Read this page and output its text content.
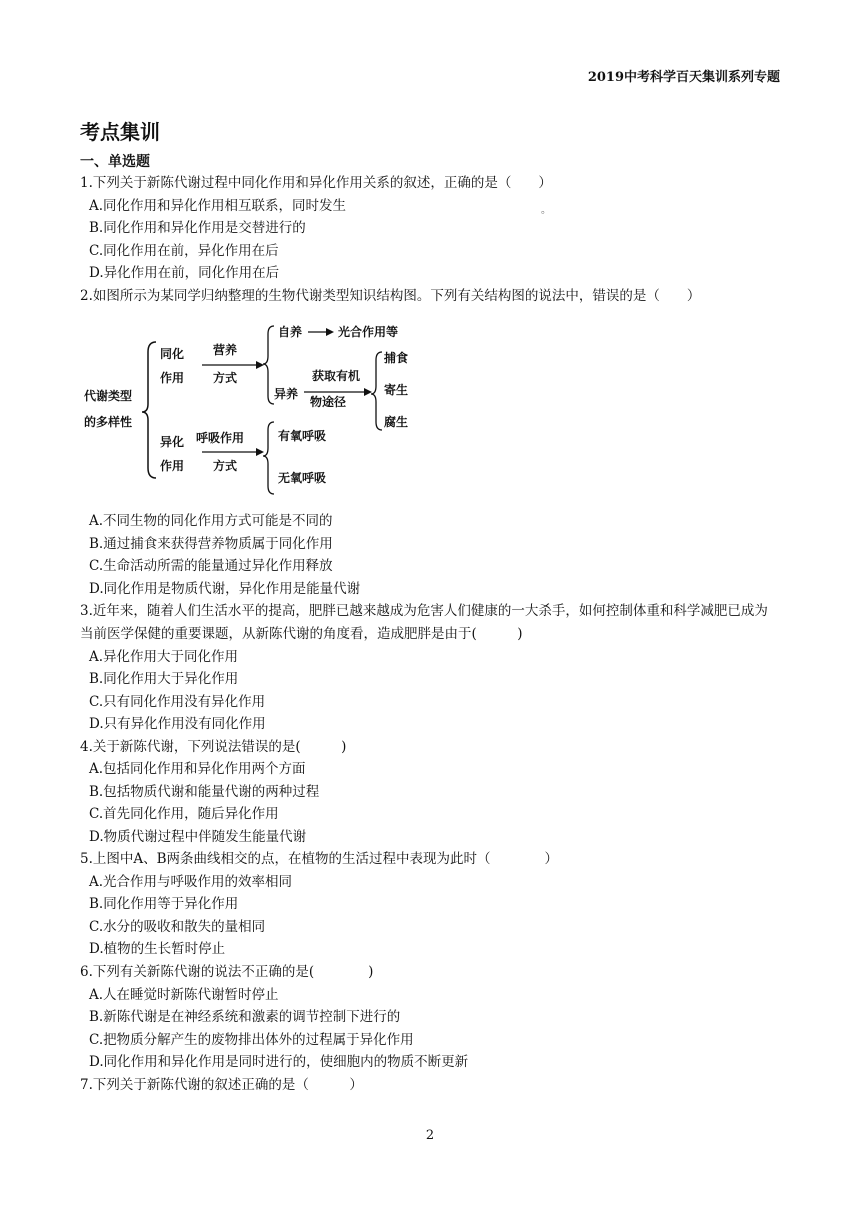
2019中考科学百天集训系列专题
考点集训
一、单选题
1.下列关于新陈代谢过程中同化作用和异化作用关系的叙述，正确的是（　　）
A.同化作用和异化作用相互联系，同时发生	。
B.同化作用和异化作用是交替进行的
C.同化作用在前，异化作用在后
D.异化作用在前，同化作用在后
2.如图所示为某同学归纳整理的生物代谢类型知识结构图。下列有关结构图的说法中，错误的是（　　）
代谢类型
的多样性
同化
作用
营养
方式
自养	光合作用等
异养
获取有机
物途径
捕食
寄生
腐生
异化
作用
呼吸作用
方式
有氧呼吸
无氧呼吸
A.不同生物的同化作用方式可能是不同的
B.通过捕食来获得营养物质属于同化作用
C.生命活动所需的能量通过异化作用释放
D.同化作用是物质代谢，异化作用是能量代谢
3.近年来，随着人们生活水平的提高，肥胖已越来越成为危害人们健康的一大杀手，如何控制体重和科学减肥已成为当前医学保健的重要课题，从新陈代谢的角度看，造成肥胖是由于(　　　)
A.异化作用大于同化作用
B.同化作用大于异化作用
C.只有同化作用没有异化作用
D.只有异化作用没有同化作用
4.关于新陈代谢，下列说法错误的是(　　　)
A.包括同化作用和异化作用两个方面
B.包括物质代谢和能量代谢的两种过程
C.首先同化作用，随后异化作用
D.物质代谢过程中伴随发生能量代谢
5.上图中A、B两条曲线相交的点，在植物的生活过程中表现为此时（　　　　）
A.光合作用与呼吸作用的效率相同
B.同化作用等于异化作用
C.水分的吸收和散失的量相同
D.植物的生长暂时停止
6.下列有关新陈代谢的说法不正确的是(　　　　)
A.人在睡觉时新陈代谢暂时停止
B.新陈代谢是在神经系统和激素的调节控制下进行的
C.把物质分解产生的废物排出体外的过程属于异化作用
D.同化作用和异化作用是同时进行的，使细胞内的物质不断更新
7.下列关于新陈代谢的叙述正确的是（　　　）
2
